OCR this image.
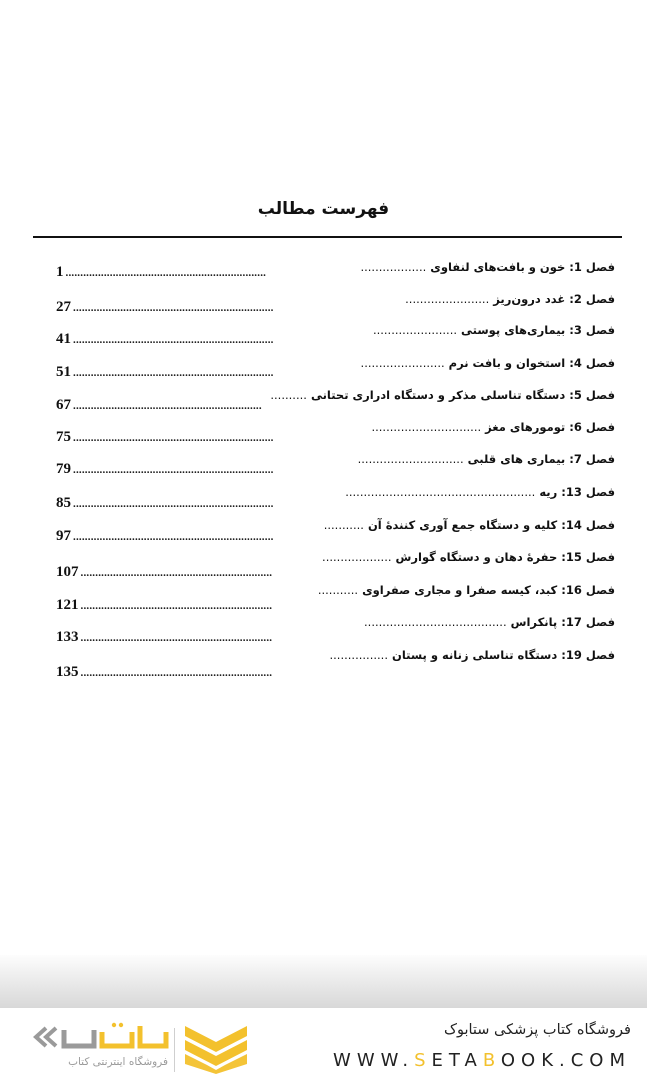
فهرست مطالب
فصل 1: خون و بافت‌های لنفاوی ..................
1 ....................................................................
فصل 2: غدد درون‌ریز .......................
27 ....................................................................
فصل 3: بیماری‌های پوستی .......................
41 ....................................................................
فصل 4: استخوان و بافت نرم .......................
51 ....................................................................
فصل 5: دستگاه تناسلی مذکر و دستگاه ادراری تحتانی ..........
67 ................................................................
فصل 6: تومورهای مغز ..............................
75 ....................................................................
فصل 7: بیماری های قلبی .............................
79 ....................................................................
فصل 13: ریه ....................................................
85 ....................................................................
فصل 14: کلیه و دستگاه جمع آوری کنندهٔ آن ...........
97 ....................................................................
فصل 15: حفرهٔ دهان و دستگاه گوارش ...................
107 .................................................................
فصل 16: کبد، کیسه صفرا و مجاری صفراوی ...........
121 .................................................................
فصل 17: پانکراس .......................................
133 .................................................................
فصل 19: دستگاه تناسلی زنانه و پستان ................
135 .................................................................
فروشگاه کتاب پزشکی ستابوک
WWW.SETABOOK.COM
فروشگاه اینترنتی کتاب
